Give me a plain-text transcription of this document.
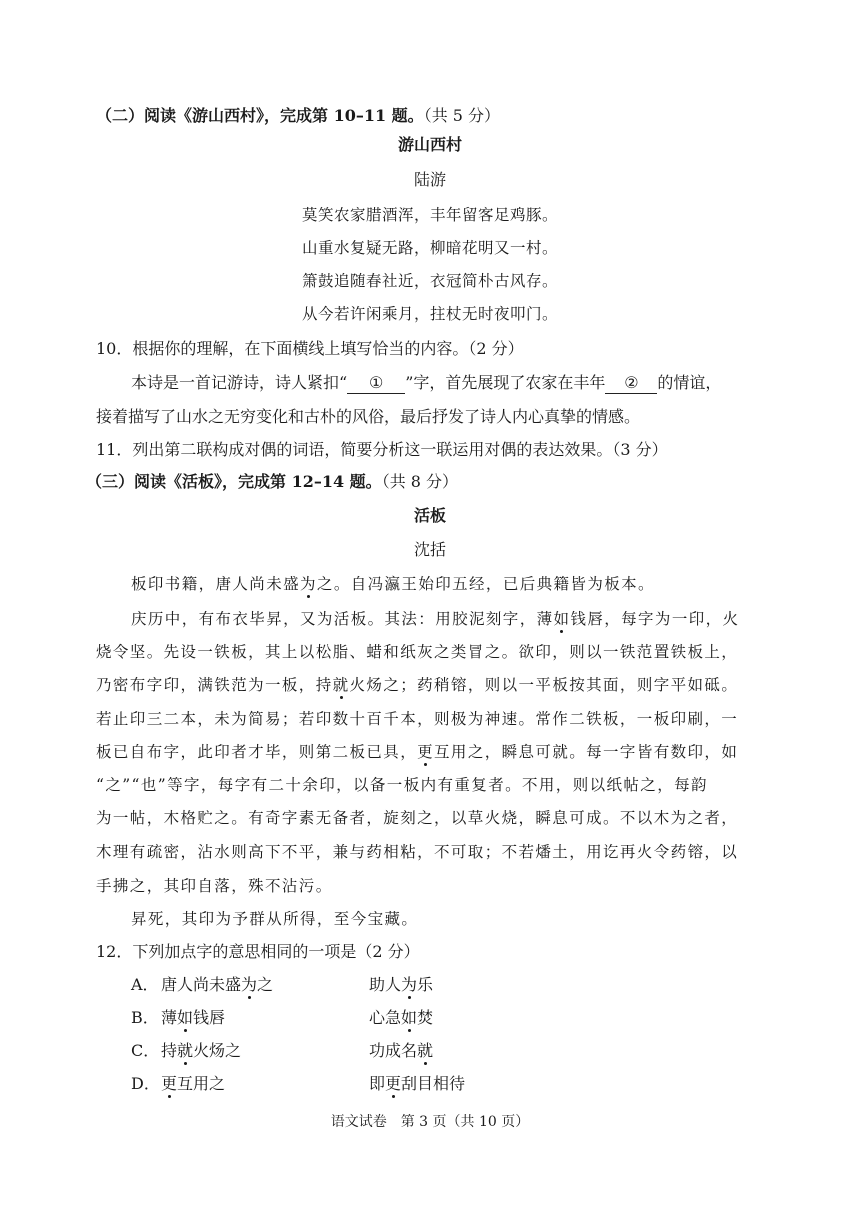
（二）阅读《游山西村》，完成第 10–11 题。（共 5 分）
游山西村
陆游
莫笑农家腊酒浑，丰年留客足鸡豚。
山重水复疑无路，柳暗花明又一村。
箫鼓追随春社近，衣冠简朴古风存。
从今若许闲乘月，拄杖无时夜叩门。
10．根据你的理解，在下面横线上填写恰当的内容。（2 分）
本诗是一首记游诗，诗人紧扣“ ① ”字，首先展现了农家在丰年 ② 的情谊，
接着描写了山水之无穷变化和古朴的风俗，最后抒发了诗人内心真挚的情感。
11．列出第二联构成对偶的词语，简要分析这一联运用对偶的表达效果。（3 分）
（三）阅读《活板》，完成第 12–14 题。（共 8 分）
活板
沈括
板印书籍，唐人尚未盛为之。自冯瀛王始印五经，已后典籍皆为板本。
庆历中，有布衣毕昇，又为活板。其法：用胶泥刻字，薄如钱唇，每字为一印，火
烧令坚。先设一铁板，其上以松脂、蜡和纸灰之类冒之。欲印，则以一铁范置铁板上，
乃密布字印，满铁范为一板，持就火炀之；药稍镕，则以一平板按其面，则字平如砥。
若止印三二本，未为简易；若印数十百千本，则极为神速。常作二铁板，一板印刷，一
板已自布字，此印者才毕，则第二板已具，更互用之，瞬息可就。每一字皆有数印，如
“之”“也”等字，每字有二十余印，以备一板内有重复者。不用，则以纸帖之，每韵
为一帖，木格贮之。有奇字素无备者，旋刻之，以草火烧，瞬息可成。不以木为之者，
木理有疏密，沾水则高下不平，兼与药相粘，不可取；不若燔土，用讫再火令药镕，以
手拂之，其印自落，殊不沾污。
昇死，其印为予群从所得，至今宝藏。
12．下列加点字的意思相同的一项是（2 分）
A． 唐人尚未盛为之	助人为乐
B． 薄如钱唇	心急如焚
C． 持就火炀之	功成名就
D． 更互用之	即更刮目相待
语文试卷　第 3 页（共 10 页）
